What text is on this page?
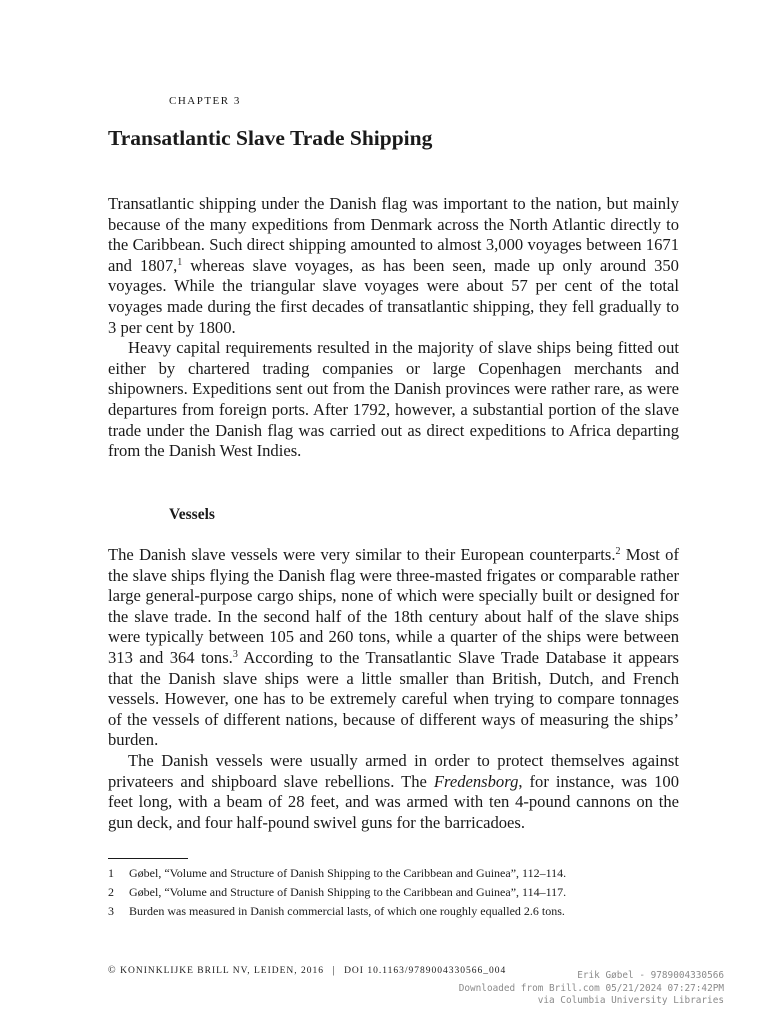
CHAPTER 3
Transatlantic Slave Trade Shipping

Transatlantic shipping under the Danish flag was important to the nation, but mainly because of the many expeditions from Denmark across the North Atlantic directly to the Caribbean. Such direct shipping amounted to almost 3,000 voyages between 1671 and 1807,$^1$ whereas slave voyages, as has been seen, made up only around 350 voyages. While the triangular slave voyages were about 57 per cent of the total voyages made during the first decades of transatlantic shipping, they fell gradually to 3 per cent by 1800.

Heavy capital requirements resulted in the majority of slave ships being fitted out either by chartered trading companies or large Copenhagen merchants and shipowners. Expeditions sent out from the Danish provinces were rather rare, as were departures from foreign ports. After 1792, however, a substantial portion of the slave trade under the Danish flag was carried out as direct expeditions to Africa departing from the Danish West Indies.

Vessels

The Danish slave vessels were very similar to their European counterparts.$^2$ Most of the slave ships flying the Danish flag were three-masted frigates or comparable rather large general-purpose cargo ships, none of which were specially built or designed for the slave trade. In the second half of the 18th century about half of the slave ships were typically between 105 and 260 tons, while a quarter of the ships were between 313 and 364 tons.$^3$ According to the Transatlantic Slave Trade Database it appears that the Danish slave ships were a little smaller than British, Dutch, and French vessels. However, one has to be extremely careful when trying to compare tonnages of the vessels of different nations, because of different ways of measuring the ships’ burden.

The Danish vessels were usually armed in order to protect themselves against privateers and shipboard slave rebellions. The Fredensborg, for instance, was 100 feet long, with a beam of 28 feet, and was armed with ten 4-pound cannons on the gun deck, and four half-pound swivel guns for the barricadoes.

1	Gøbel, “Volume and Structure of Danish Shipping to the Caribbean and Guinea”, 112–114.
2	Gøbel, “Volume and Structure of Danish Shipping to the Caribbean and Guinea”, 114–117.
3	Burden was measured in Danish commercial lasts, of which one roughly equalled 2.6 tons.
© KONINKLIJKE BRILL NV, LEIDEN, 2016 | DOI 10.1163/9789004330566_004	Erik Gøbel - 9789004330566
Downloaded from Brill.com 05/21/2024 07:27:42PM
via Columbia University Libraries
